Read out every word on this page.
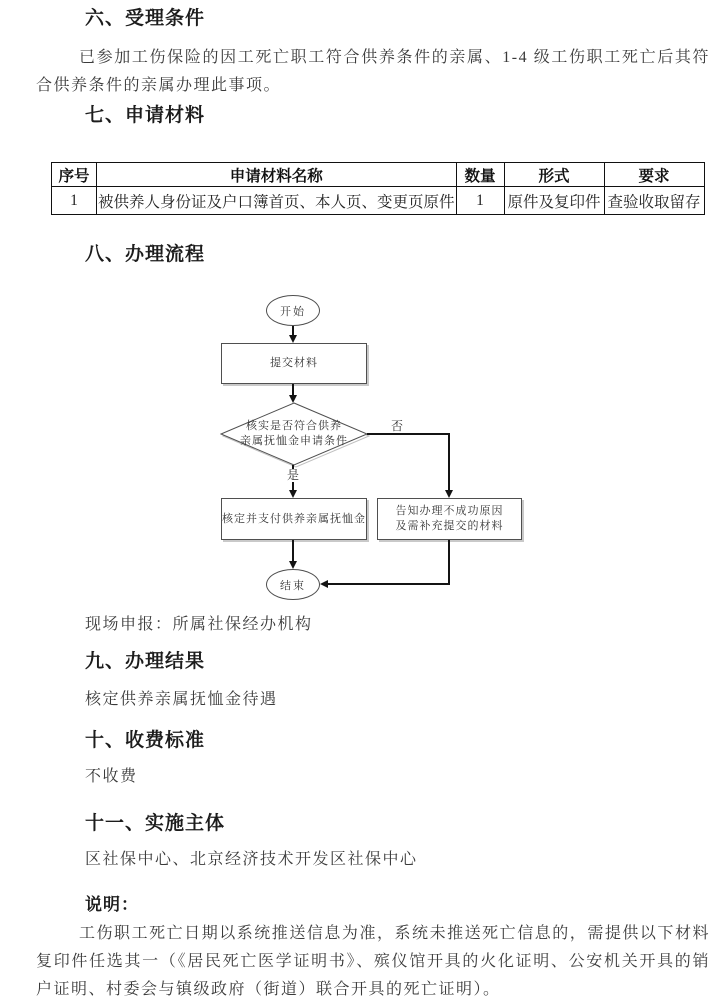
六、受理条件

已参加工伤保险的因工死亡职工符合供养条件的亲属、1-4 级工伤职工死亡后其符合供养条件的亲属办理此事项。

七、申请材料
序号	申请材料名称	数量	形式	要求
1	被供养人身份证及户口簿首页、本人页、变更页原件	1	原件及复印件	查验收取留存
八、办理流程
开始
提交材料
核实是否符合供养
亲属抚恤金申请条件
否
是
核定并支付供养亲属抚恤金
告知办理不成功原因
及需补充提交的材料
结束
现场申报：所属社保经办机构
九、办理结果
核定供养亲属抚恤金待遇
十、收费标准
不收费
十一、实施主体
区社保中心、北京经济技术开发区社保中心
说明：

工伤职工死亡日期以系统推送信息为准，系统未推送死亡信息的，需提供以下材料复印件任选其一（《居民死亡医学证明书》、殡仪馆开具的火化证明、公安机关开具的销户证明、村委会与镇级政府（街道）联合开具的死亡证明）。
